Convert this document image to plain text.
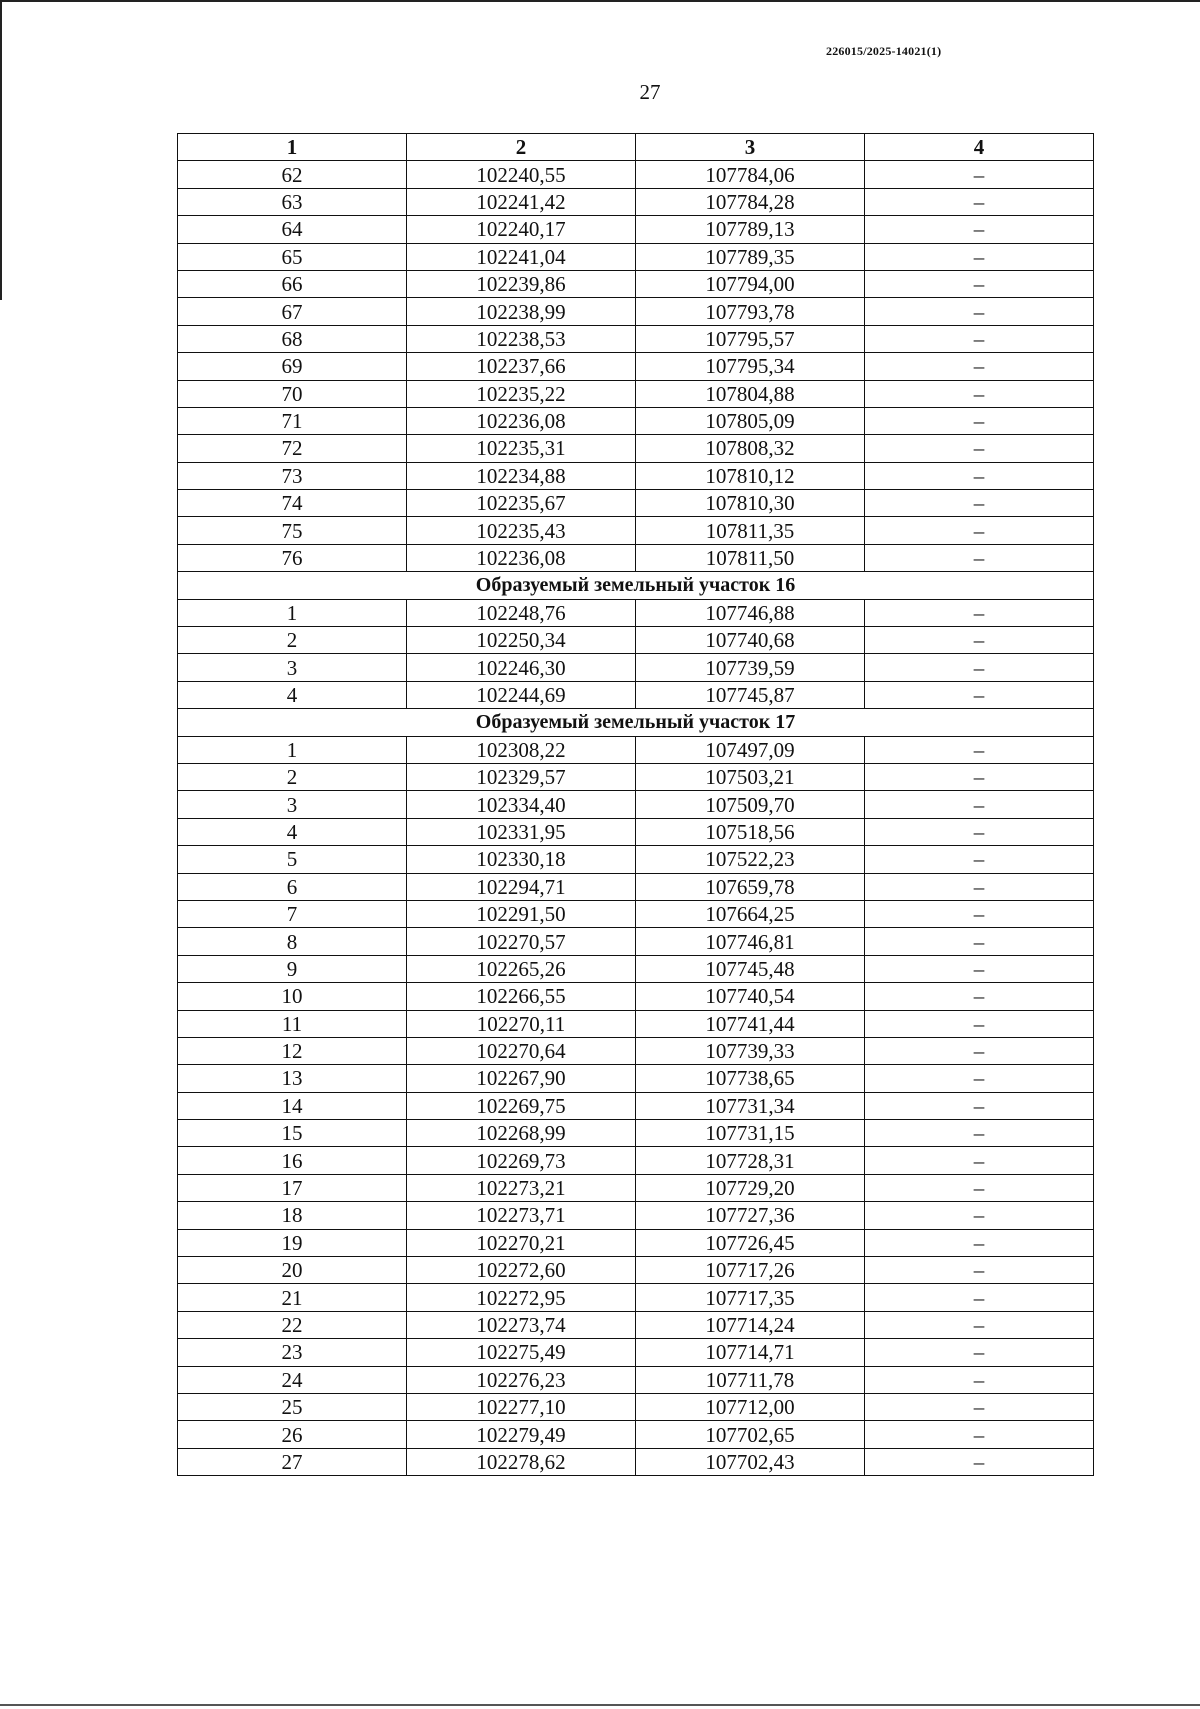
226015/2025-14021(1)
27
1	2	3	4
62	102240,55	107784,06	–
63	102241,42	107784,28	–
64	102240,17	107789,13	–
65	102241,04	107789,35	–
66	102239,86	107794,00	–
67	102238,99	107793,78	–
68	102238,53	107795,57	–
69	102237,66	107795,34	–
70	102235,22	107804,88	–
71	102236,08	107805,09	–
72	102235,31	107808,32	–
73	102234,88	107810,12	–
74	102235,67	107810,30	–
75	102235,43	107811,35	–
76	102236,08	107811,50	–
Образуемый земельный участок 16			
1	102248,76	107746,88	–
2	102250,34	107740,68	–
3	102246,30	107739,59	–
4	102244,69	107745,87	–
Образуемый земельный участок 17			
1	102308,22	107497,09	–
2	102329,57	107503,21	–
3	102334,40	107509,70	–
4	102331,95	107518,56	–
5	102330,18	107522,23	–
6	102294,71	107659,78	–
7	102291,50	107664,25	–
8	102270,57	107746,81	–
9	102265,26	107745,48	–
10	102266,55	107740,54	–
11	102270,11	107741,44	–
12	102270,64	107739,33	–
13	102267,90	107738,65	–
14	102269,75	107731,34	–
15	102268,99	107731,15	–
16	102269,73	107728,31	–
17	102273,21	107729,20	–
18	102273,71	107727,36	–
19	102270,21	107726,45	–
20	102272,60	107717,26	–
21	102272,95	107717,35	–
22	102273,74	107714,24	–
23	102275,49	107714,71	–
24	102276,23	107711,78	–
25	102277,10	107712,00	–
26	102279,49	107702,65	–
27	102278,62	107702,43	–
